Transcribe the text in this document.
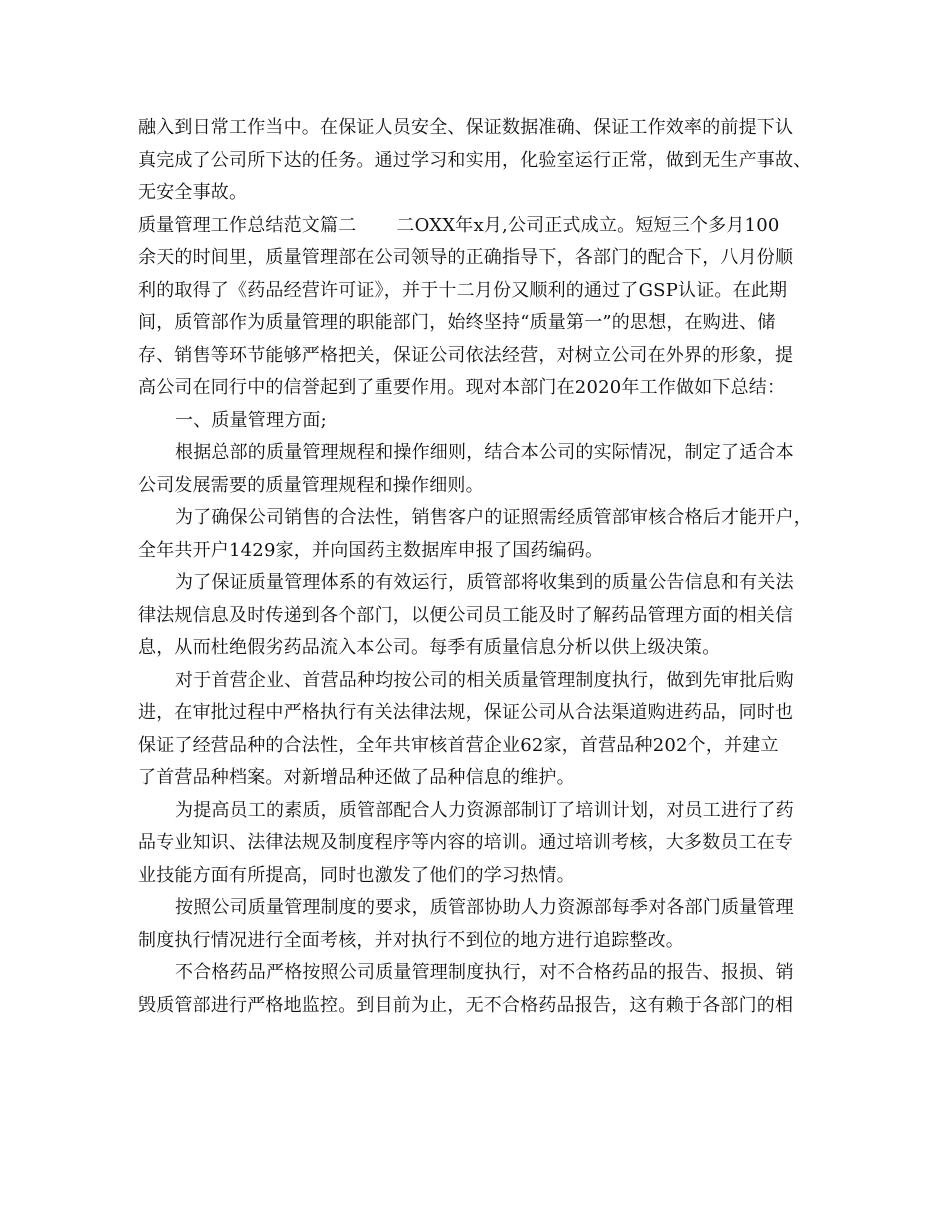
融入到日常工作当中。在保证人员安全、保证数据准确、保证工作效率的前提下认
真完成了公司所下达的任务。通过学习和实用，化验室运行正常，做到无生产事故、
无安全事故。
质量管理工作总结范文篇二 二OXX年x月,公司正式成立。短短三个多月100
余天的时间里，质量管理部在公司领导的正确指导下，各部门的配合下，八月份顺
利的取得了《药品经营许可证》，并于十二月份又顺利的通过了GSP认证。在此期
间，质管部作为质量管理的职能部门，始终坚持“质量第一”的思想，在购进、储
存、销售等环节能够严格把关，保证公司依法经营，对树立公司在外界的形象，提
高公司在同行中的信誉起到了重要作用。现对本部门在2020年工作做如下总结：
一、质量管理方面;
根据总部的质量管理规程和操作细则，结合本公司的实际情况，制定了适合本
公司发展需要的质量管理规程和操作细则。
为了确保公司销售的合法性，销售客户的证照需经质管部审核合格后才能开户，
全年共开户1429家，并向国药主数据库申报了国药编码。
为了保证质量管理体系的有效运行，质管部将收集到的质量公告信息和有关法
律法规信息及时传递到各个部门，以便公司员工能及时了解药品管理方面的相关信
息，从而杜绝假劣药品流入本公司。每季有质量信息分析以供上级决策。
对于首营企业、首营品种均按公司的相关质量管理制度执行，做到先审批后购
进，在审批过程中严格执行有关法律法规，保证公司从合法渠道购进药品，同时也
保证了经营品种的合法性，全年共审核首营企业62家，首营品种202个，并建立
了首营品种档案。对新增品种还做了品种信息的维护。
为提高员工的素质，质管部配合人力资源部制订了培训计划，对员工进行了药
品专业知识、法律法规及制度程序等内容的培训。通过培训考核，大多数员工在专
业技能方面有所提高，同时也激发了他们的学习热情。
按照公司质量管理制度的要求，质管部协助人力资源部每季对各部门质量管理
制度执行情况进行全面考核，并对执行不到位的地方进行追踪整改。
不合格药品严格按照公司质量管理制度执行，对不合格药品的报告、报损、销
毁质管部进行严格地监控。到目前为止，无不合格药品报告，这有赖于各部门的相
